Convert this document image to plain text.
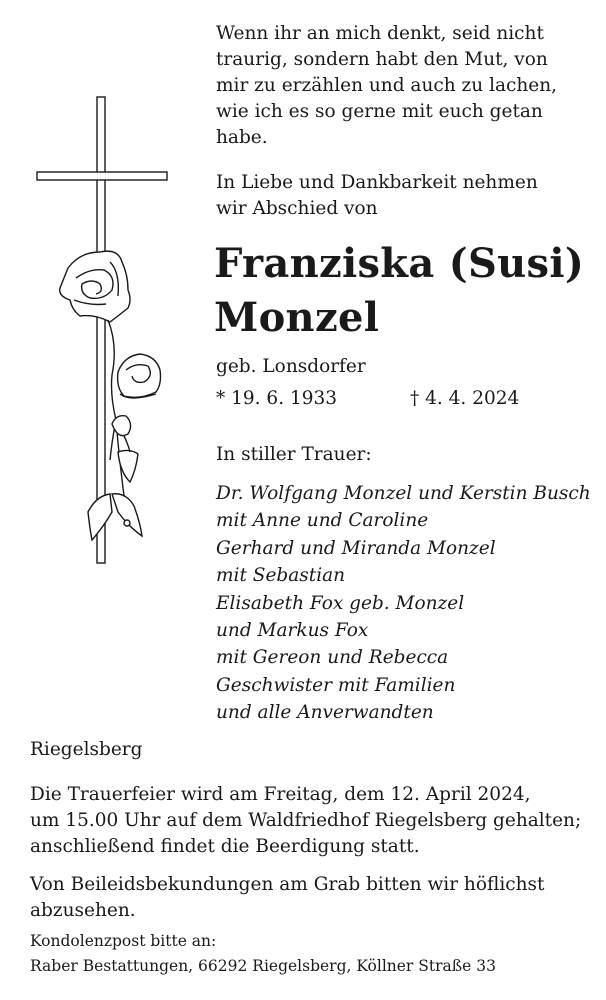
Wenn ihr an mich denkt, seid nicht
traurig, sondern habt den Mut, von
mir zu erzählen und auch zu lachen,
wie ich es so gerne mit euch getan
habe.
In Liebe und Dankbarkeit nehmen
wir Abschied von
Franziska (Susi)
Monzel
geb. Lonsdorfer
* 19. 6. 1933	† 4. 4. 2024
In stiller Trauer:
Dr. Wolfgang Monzel und Kerstin Busch
mit Anne und Caroline
Gerhard und Miranda Monzel
mit Sebastian
Elisabeth Fox geb. Monzel
und Markus Fox
mit Gereon und Rebecca
Geschwister mit Familien
und alle Anverwandten
Riegelsberg
Die Trauerfeier wird am Freitag, dem 12. April 2024,
um 15.00 Uhr auf dem Waldfriedhof Riegelsberg gehalten;
anschließend findet die Beerdigung statt.
Von Beileidsbekundungen am Grab bitten wir höflichst
abzusehen.
Kondolenzpost bitte an:
Raber Bestattungen, 66292 Riegelsberg, Köllner Straße 33
